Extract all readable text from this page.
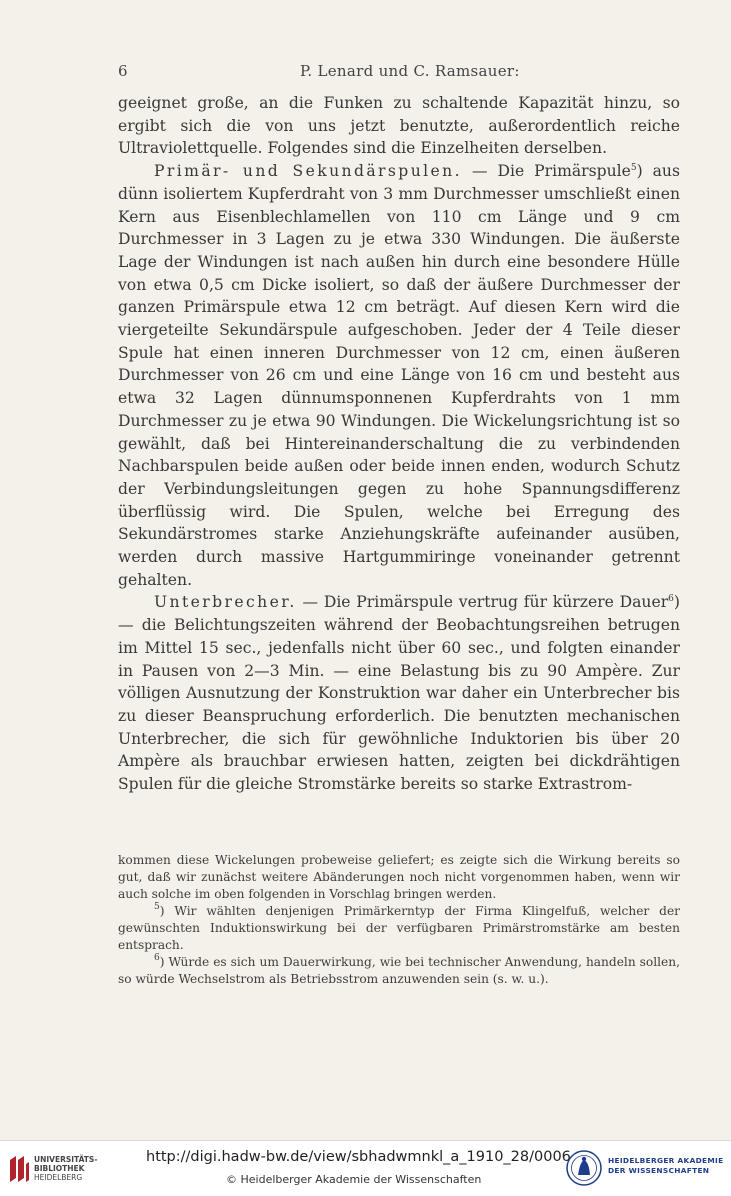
6	P. Lenard und C. Ramsauer:

geeignet große, an die Funken zu schaltende Kapazität hinzu, so ergibt sich die von uns jetzt benutzte, außerordentlich reiche Ultraviolettquelle. Folgendes sind die Einzelheiten derselben.

Primär- und Sekundärspulen. — Die Primärspule$^5$) aus dünn isoliertem Kupferdraht von 3 mm Durchmesser umschließt einen Kern aus Eisenblechlamellen von 110 cm Länge und 9 cm Durchmesser in 3 Lagen zu je etwa 330 Windungen. Die äußerste Lage der Windungen ist nach außen hin durch eine besondere Hülle von etwa 0,5 cm Dicke isoliert, so daß der äußere Durchmesser der ganzen Primärspule etwa 12 cm beträgt. Auf diesen Kern wird die viergeteilte Sekundärspule aufgeschoben. Jeder der 4 Teile dieser Spule hat einen inneren Durchmesser von 12 cm, einen äußeren Durchmesser von 26 cm und eine Länge von 16 cm und besteht aus etwa 32 Lagen dünnumsponnenen Kupferdrahts von 1 mm Durchmesser zu je etwa 90 Windungen. Die Wickelungsrichtung ist so gewählt, daß bei Hintereinanderschaltung die zu verbindenden Nachbarspulen beide außen oder beide innen enden, wodurch Schutz der Verbindungsleitungen gegen zu hohe Spannungsdifferenz überflüssig wird. Die Spulen, welche bei Erregung des Sekundärstromes starke Anziehungskräfte aufeinander ausüben, werden durch massive Hartgummiringe voneinander getrennt gehalten.

Unterbrecher. — Die Primärspule vertrug für kürzere Dauer$^6$) — die Belichtungszeiten während der Beobachtungsreihen betrugen im Mittel 15 sec., jedenfalls nicht über 60 sec., und folgten einander in Pausen von 2—3 Min. — eine Belastung bis zu 90 Ampère. Zur völligen Ausnutzung der Konstruktion war daher ein Unterbrecher bis zu dieser Beanspruchung erforderlich. Die benutzten mechanischen Unterbrecher, die sich für gewöhnliche Induktorien bis über 20 Ampère als brauchbar erwiesen hatten, zeigten bei dickdrähtigen Spulen für die gleiche Stromstärke bereits so starke Extrastrom-

kommen diese Wickelungen probeweise geliefert; es zeigte sich die Wirkung bereits so gut, daß wir zunächst weitere Abänderungen noch nicht vorgenommen haben, wenn wir auch solche im oben folgenden in Vorschlag bringen werden.

$^5$) Wir wählten denjenigen Primärkerntyp der Firma Klingelfuß, welcher der gewünschten Induktionswirkung bei der verfügbaren Primärstromstärke am besten entsprach.

$^6$) Würde es sich um Dauerwirkung, wie bei technischer Anwendung, handeln sollen, so würde Wechselstrom als Betriebsstrom anzuwenden sein (s. w. u.).

UNIVERSITÄTS-
BIBLIOTHEK
HEIDELBERG
http://digi.hadw-bw.de/view/sbhadwmnkl_a_1910_28/0006
© Heidelberger Akademie der Wissenschaften
HEIDELBERGER AKADEMIE
DER WISSENSCHAFTEN
